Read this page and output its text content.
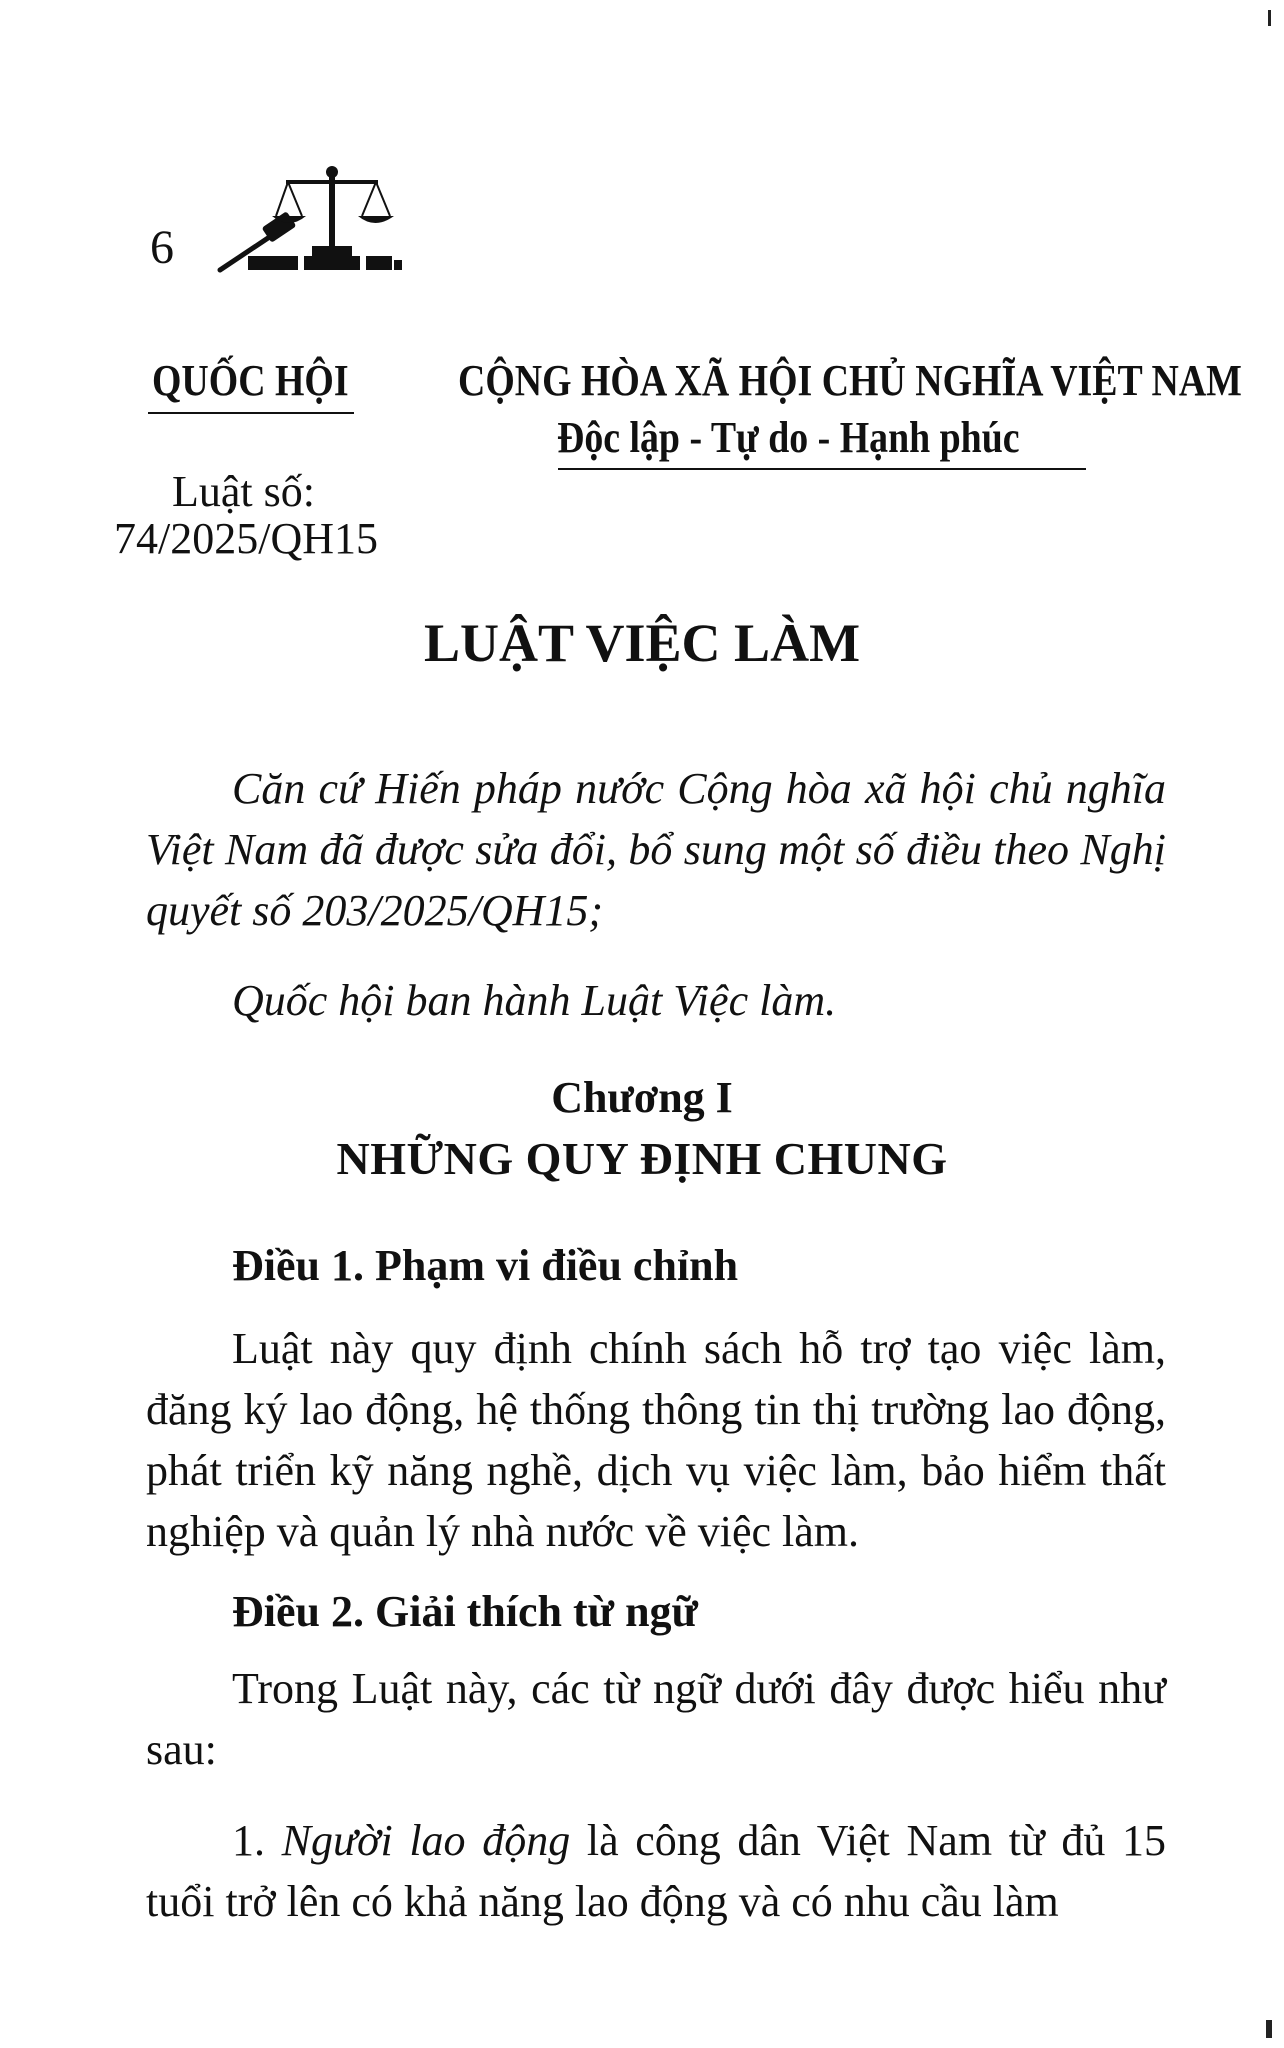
6
QUỐC HỘI CỘNG HÒA XÃ HỘI CHỦ NGHĨA VIỆT NAM
Độc lập - Tự do - Hạnh phúc
Luật số:
74/2025/QH15
LUẬT VIỆC LÀM
Căn cứ Hiến pháp nước Cộng hòa xã hội chủ nghĩa Việt Nam đã được sửa đổi, bổ sung một số điều theo Nghị quyết số 203/2025/QH15;
Quốc hội ban hành Luật Việc làm.
Chương I
NHỮNG QUY ĐỊNH CHUNG
Điều 1. Phạm vi điều chỉnh
Luật này quy định chính sách hỗ trợ tạo việc làm, đăng ký lao động, hệ thống thông tin thị trường lao động, phát triển kỹ năng nghề, dịch vụ việc làm, bảo hiểm thất nghiệp và quản lý nhà nước về việc làm.
Điều 2. Giải thích từ ngữ
Trong Luật này, các từ ngữ dưới đây được hiểu như sau:
1. Người lao động là công dân Việt Nam từ đủ 15 tuổi trở lên có khả năng lao động và có nhu cầu làm
